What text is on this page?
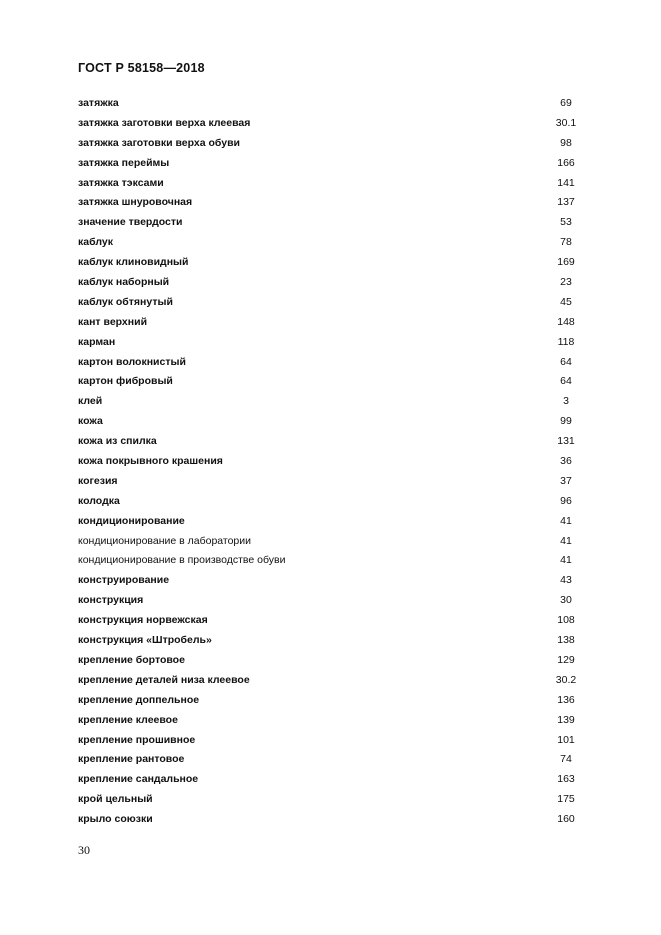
ГОСТ Р 58158—2018
затяжка	69
затяжка заготовки верха клеевая	30.1
затяжка заготовки верха обуви	98
затяжка переймы	166
затяжка тэксами	141
затяжка шнуровочная	137
значение твердости	53
каблук	78
каблук клиновидный	169
каблук наборный	23
каблук обтянутый	45
кант верхний	148
карман	118
картон волокнистый	64
картон фибровый	64
клей	3
кожа	99
кожа из спилка	131
кожа покрывного крашения	36
когезия	37
колодка	96
кондиционирование	41
кондиционирование в лаборатории	41
кондиционирование в производстве обуви	41
конструирование	43
конструкция	30
конструкция норвежская	108
конструкция «Штробель»	138
крепление бортовое	129
крепление деталей низа клеевое	30.2
крепление доппельное	136
крепление клеевое	139
крепление прошивное	101
крепление рантовое	74
крепление сандальное	163
крой цельный	175
крыло союзки	160
30
